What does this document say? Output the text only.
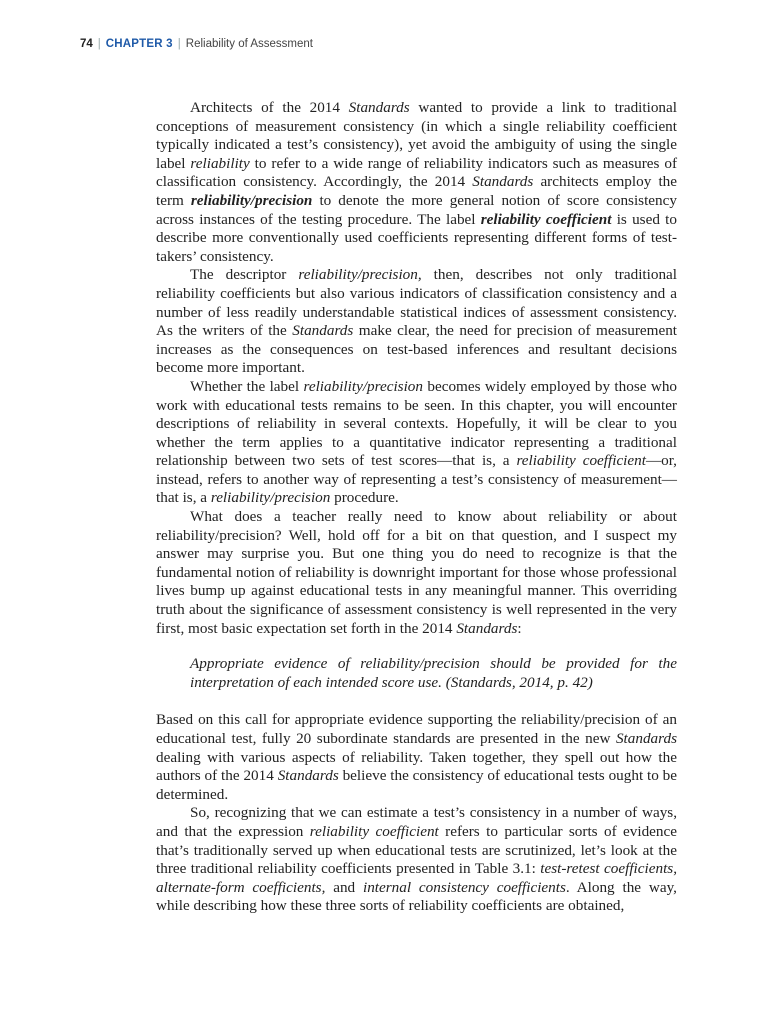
74 | CHAPTER 3 | Reliability of Assessment

Architects of the 2014 Standards wanted to provide a link to traditional conceptions of measurement consistency (in which a single reliability coefficient typically indicated a test’s consistency), yet avoid the ambiguity of using the single label reliability to refer to a wide range of reliability indicators such as measures of classification consistency. Accordingly, the 2014 Standards architects employ the term reliability/precision to denote the more general notion of score consistency across instances of the testing procedure. The label reliability coefficient is used to describe more conventionally used coefficients representing different forms of test-takers’ consistency.

The descriptor reliability/precision, then, describes not only traditional reliability coefficients but also various indicators of classification consistency and a number of less readily understandable statistical indices of assessment consistency. As the writers of the Standards make clear, the need for precision of measurement increases as the consequences on test-based inferences and resultant decisions become more important.

Whether the label reliability/precision becomes widely employed by those who work with educational tests remains to be seen. In this chapter, you will encounter descriptions of reliability in several contexts. Hopefully, it will be clear to you whether the term applies to a quantitative indicator representing a traditional relationship between two sets of test scores—that is, a reliability coefficient—or, instead, refers to another way of representing a test’s consistency of measurement—that is, a reliability/precision procedure.

What does a teacher really need to know about reliability or about reliability/precision? Well, hold off for a bit on that question, and I suspect my answer may surprise you. But one thing you do need to recognize is that the fundamental notion of reliability is downright important for those whose professional lives bump up against educational tests in any meaningful manner. This overriding truth about the significance of assessment consistency is well represented in the very first, most basic expectation set forth in the 2014 Standards:

Appropriate evidence of reliability/precision should be provided for the interpretation of each intended score use. (Standards, 2014, p. 42)

Based on this call for appropriate evidence supporting the reliability/precision of an educational test, fully 20 subordinate standards are presented in the new Standards dealing with various aspects of reliability. Taken together, they spell out how the authors of the 2014 Standards believe the consistency of educational tests ought to be determined.

So, recognizing that we can estimate a test’s consistency in a number of ways, and that the expression reliability coefficient refers to particular sorts of evidence that’s traditionally served up when educational tests are scrutinized, let’s look at the three traditional reliability coefficients presented in Table 3.1: test-retest coefficients, alternate-form coefficients, and internal consistency coefficients. Along the way, while describing how these three sorts of reliability coefficients are obtained,
